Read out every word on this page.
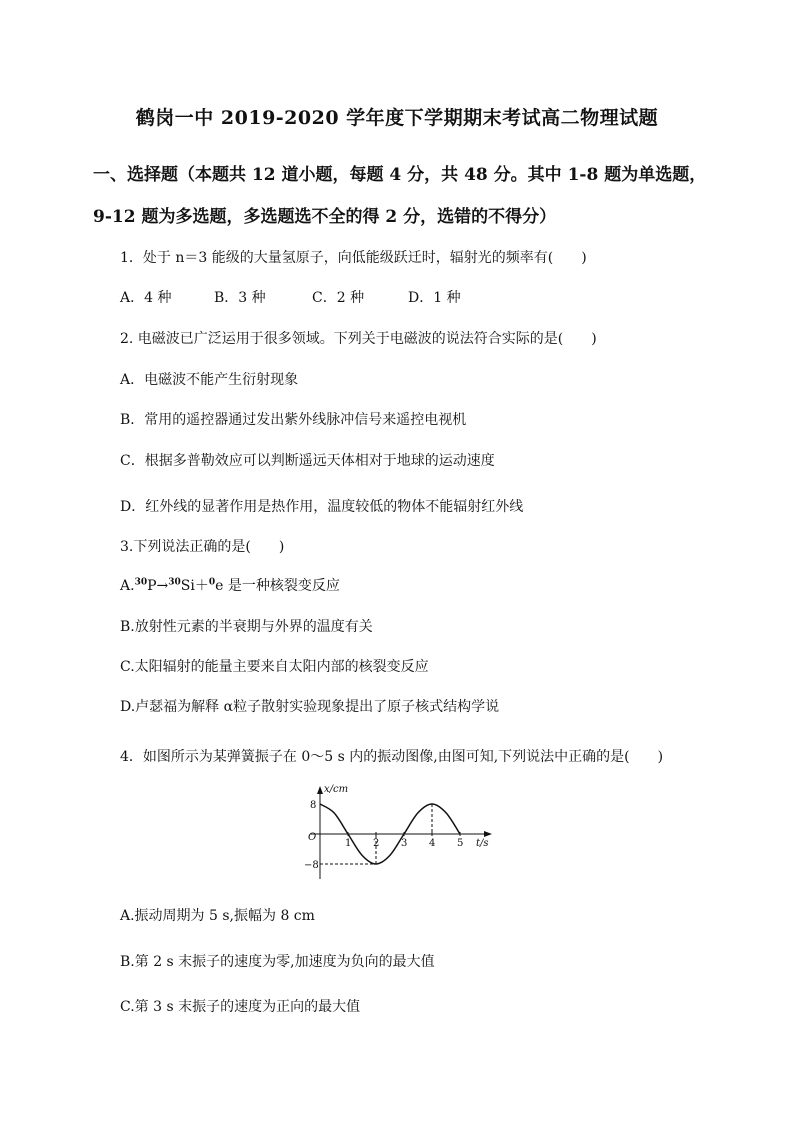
鹤岗一中 2019-2020 学年度下学期期末考试高二物理试题
一、选择题（本题共 12 道小题，每题 4 分，共 48 分。其中 1-8 题为单选题，
9-12 题为多选题，多选题选不全的得 2 分，选错的不得分）
1．处于 n＝3 能级的大量氢原子，向低能级跃迁时，辐射光的频率有(　　)
A．4 种	B．3 种	C．2 种	D．1 种
2. 电磁波已广泛运用于很多领域。下列关于电磁波的说法符合实际的是(　　)
A．电磁波不能产生衍射现象
B．常用的遥控器通过发出紫外线脉冲信号来遥控电视机
C．根据多普勒效应可以判断遥远天体相对于地球的运动速度
D．红外线的显著作用是热作用，温度较低的物体不能辐射红外线
3.下列说法正确的是(　　)
A.$^{30}$P→$^{30}$Si＋$^0$e 是一种核裂变反应
B.放射性元素的半衰期与外界的温度有关
C.太阳辐射的能量主要来自太阳内部的核裂变反应
D.卢瑟福为解释 α粒子散射实验现象提出了原子核式结构学说
4．如图所示为某弹簧振子在 0～5 s 内的振动图像,由图可知,下列说法中正确的是(　　)
x/cm
t/s
O
1 2 3 4 5
8
−8
A.振动周期为 5 s,振幅为 8 cm
B.第 2 s 末振子的速度为零,加速度为负向的最大值
C.第 3 s 末振子的速度为正向的最大值
